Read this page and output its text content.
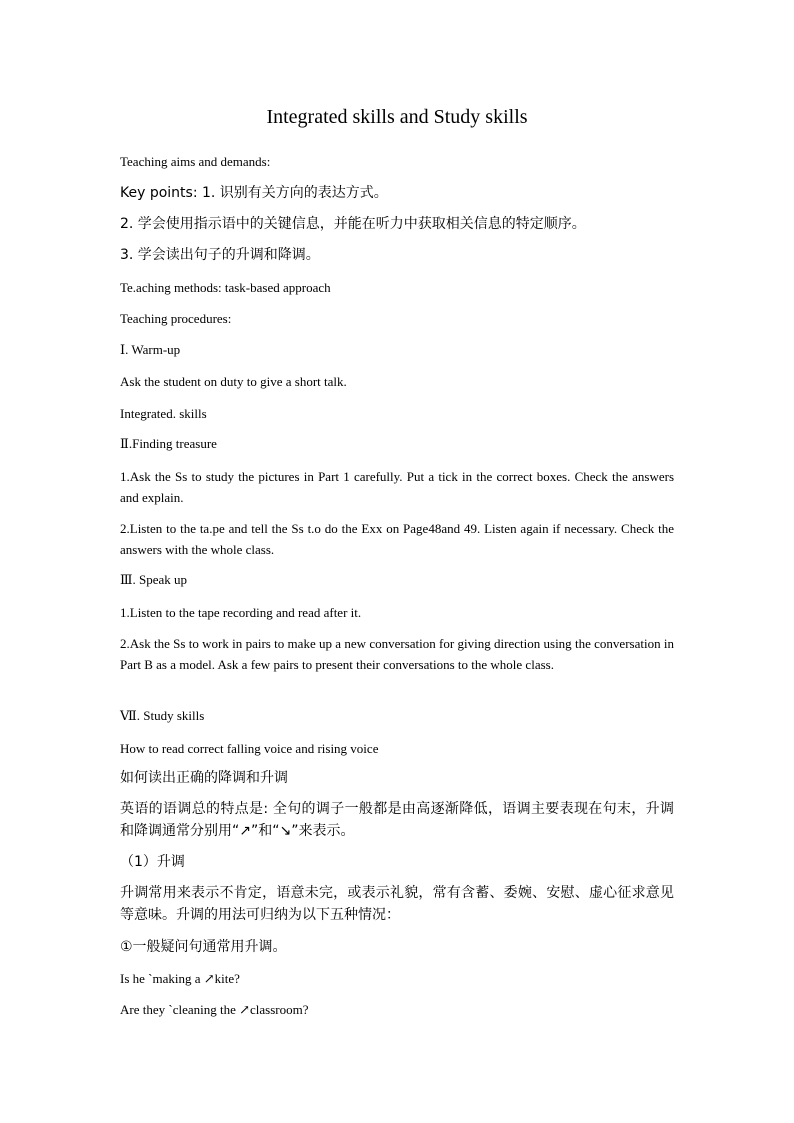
Integrated skills and Study skills
Teaching aims and demands:
Key points: 1. 识别有关方向的表达方式。
2. 学会使用指示语中的关键信息，并能在听力中获取相关信息的特定顺序。
3. 学会读出句子的升调和降调。
Te.aching methods: task-based approach
Teaching procedures:
Ⅰ. Warm-up
Ask the student on duty to give a short talk.
Integrated. skills
Ⅱ.Finding treasure
1.Ask the Ss to study the pictures in Part 1 carefully. Put a tick in the correct boxes. Check the answers and explain.
2.Listen to the ta.pe and tell the Ss t.o do the Exx on Page48and 49. Listen again if necessary. Check the answers with the whole class.
Ⅲ. Speak up
1.Listen to the tape recording and read after it.
2.Ask the Ss to work in pairs to make up a new conversation for giving direction using the conversation in Part B as a model. Ask a few pairs to present their conversations to the whole class.
Ⅶ. Study skills
How to read correct falling voice and rising voice
如何读出正确的降调和升调
英语的语调总的特点是: 全句的调子一般都是由高逐渐降低，语调主要表现在句末，升调和降调通常分别用“↗”和“↘”来表示。
（1）升调
升调常用来表示不肯定，语意未完，或表示礼貌，常有含蓄、委婉、安慰、虚心征求意见等意味。升调的用法可归纳为以下五种情况：
①一般疑问句通常用升调。
Is he `making a ↗kite?
Are they `cleaning the ↗classroom?
